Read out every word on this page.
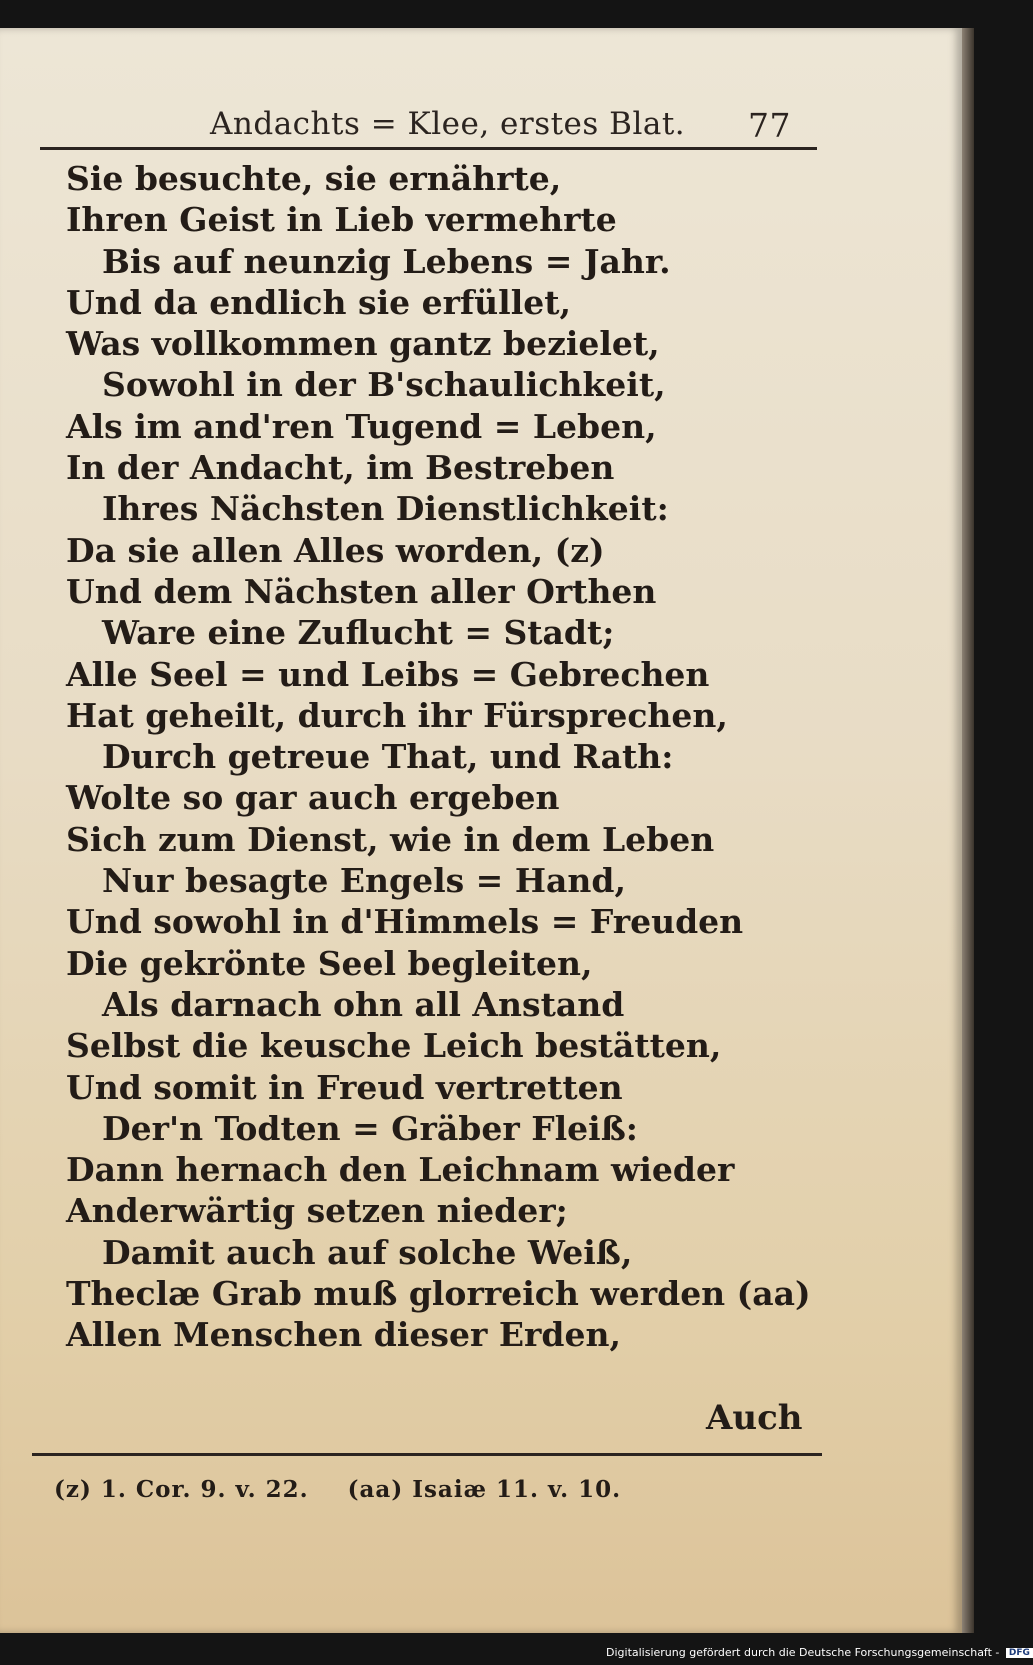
Andachts = Klee, erstes Blat. 77
Sie besuchte, sie ernährte,
Ihren Geist in Lieb vermehrte
Bis auf neunzig Lebens = Jahr.
Und da endlich sie erfüllet,
Was vollkommen gantz bezielet,
Sowohl in der B'schaulichkeit,
Als im and'ren Tugend = Leben,
In der Andacht, im Bestreben
Ihres Nächsten Dienstlichkeit:
Da sie allen Alles worden, (z)
Und dem Nächsten aller Orthen
Ware eine Zuflucht = Stadt;
Alle Seel = und Leibs = Gebrechen
Hat geheilt, durch ihr Fürsprechen,
Durch getreue That, und Rath:
Wolte so gar auch ergeben
Sich zum Dienst, wie in dem Leben
Nur besagte Engels = Hand,
Und sowohl in d'Himmels = Freuden
Die gekrönte Seel begleiten,
Als darnach ohn all Anstand
Selbst die keusche Leich bestätten,
Und somit in Freud vertretten
Der'n Todten = Gräber Fleiß:
Dann hernach den Leichnam wieder
Anderwärtig setzen nieder;
Damit auch auf solche Weiß,
Theclæ Grab muß glorreich werden (aa)
Allen Menschen dieser Erden,
Auch
(z) 1. Cor. 9. v. 22. (aa) Isaiæ 11. v. 10.
Digitalisierung gefördert durch die Deutsche Forschungsgemeinschaft - DFG
